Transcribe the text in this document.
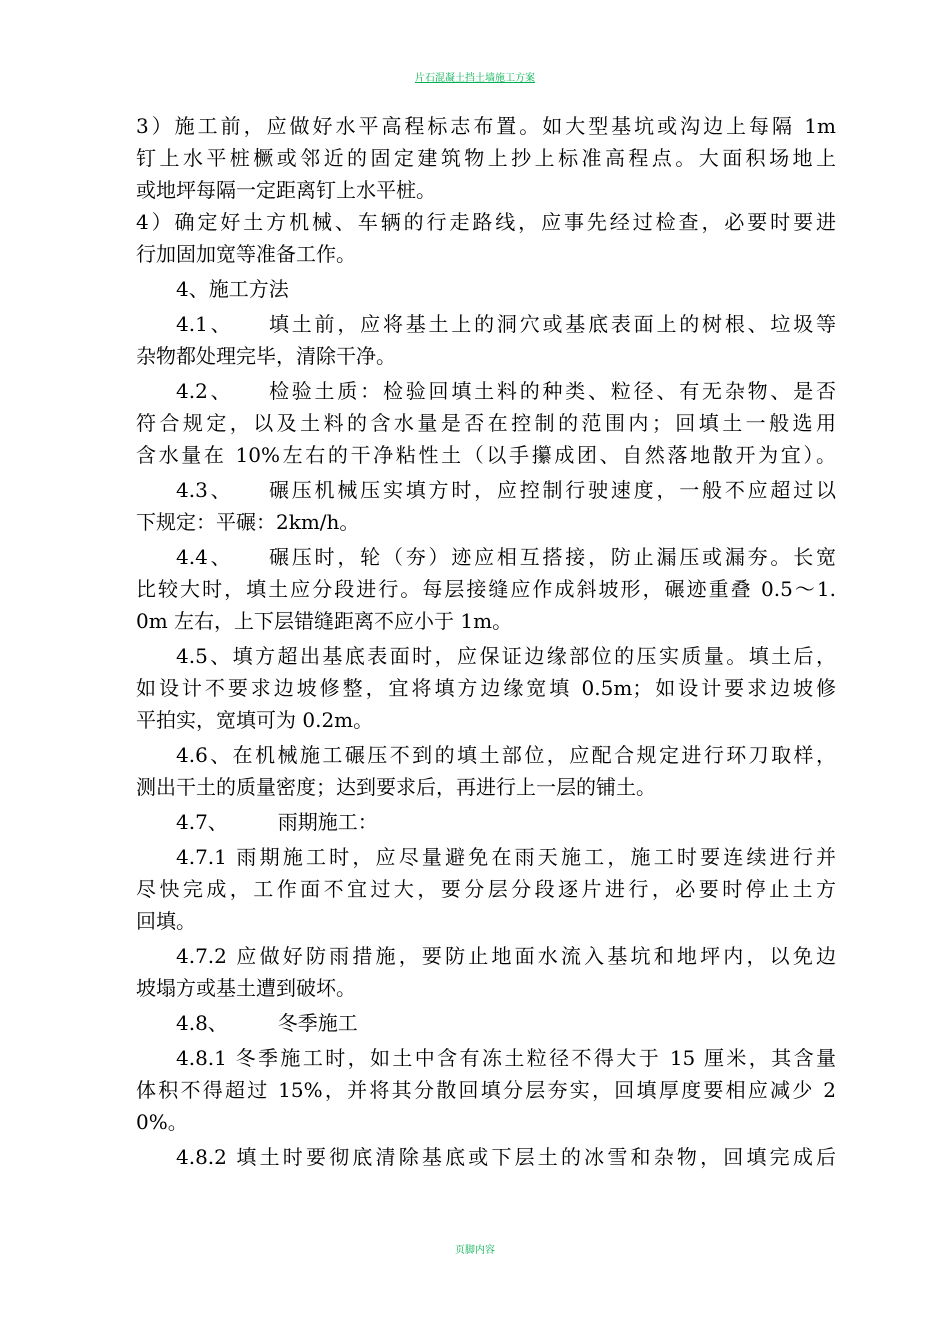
片石混凝土挡土墙施工方案
3）施工前，应做好水平高程标志布置。如大型基坑或沟边上每隔 1m
钉上水平桩橛或邻近的固定建筑物上抄上标准高程点。大面积场地上
或地坪每隔一定距离钉上水平桩。
4）确定好土方机械、车辆的行走路线，应事先经过检查，必要时要进
行加固加宽等准备工作。
4、施工方法
4.1、　　填土前，应将基土上的洞穴或基底表面上的树根、垃圾等
杂物都处理完毕，清除干净。
4.2、　　检验土质：检验回填土料的种类、粒径、有无杂物、是否
符合规定，以及土料的含水量是否在控制的范围内；回填土一般选用
含水量在 10%左右的干净粘性土（以手攥成团、自然落地散开为宜）。
4.3、　　碾压机械压实填方时，应控制行驶速度，一般不应超过以
下规定：平碾：2km/h。
4.4、　　碾压时，轮（夯）迹应相互搭接，防止漏压或漏夯。长宽
比较大时，填土应分段进行。每层接缝应作成斜坡形，碾迹重叠 0.5～1.
0m 左右，上下层错缝距离不应小于 1m。
4.5、填方超出基底表面时，应保证边缘部位的压实质量。填土后，
如设计不要求边坡修整，宜将填方边缘宽填 0.5m；如设计要求边坡修
平拍实，宽填可为 0.2m。
4.6、在机械施工碾压不到的填土部位，应配合规定进行环刀取样，
测出干土的质量密度；达到要求后，再进行上一层的铺土。
4.7、　　　雨期施工：
4.7.1 雨期施工时，应尽量避免在雨天施工，施工时要连续进行并
尽快完成，工作面不宜过大，要分层分段逐片进行，必要时停止土方
回填。
4.7.2 应做好防雨措施，要防止地面水流入基坑和地坪内，以免边
坡塌方或基土遭到破坏。
4.8、　　　冬季施工
4.8.1 冬季施工时，如土中含有冻土粒径不得大于 15 厘米，其含量
体积不得超过 15%，并将其分散回填分层夯实，回填厚度要相应减少 2
0%。
4.8.2 填土时要彻底清除基底或下层土的冰雪和杂物，回填完成后
页脚内容
